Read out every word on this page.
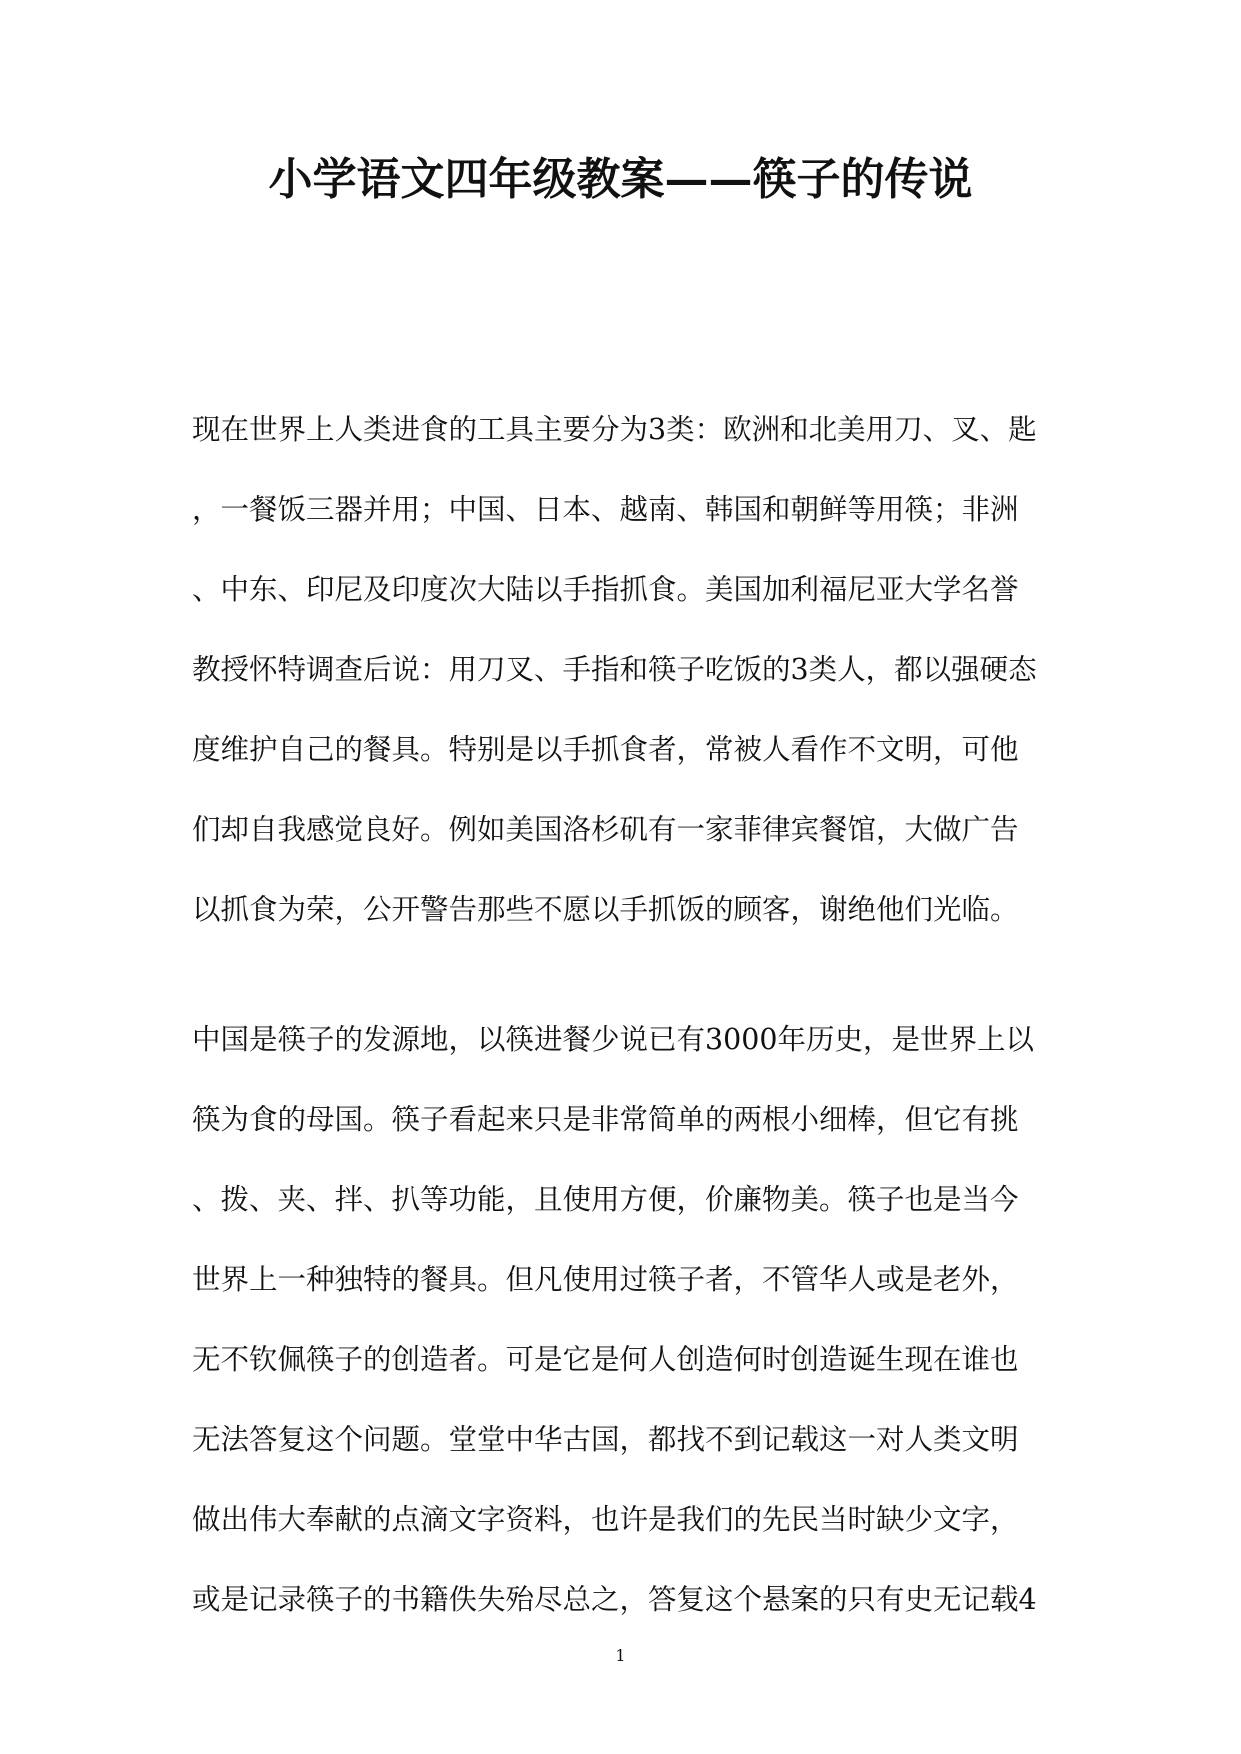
小学语文四年级教案——筷子的传说
现在世界上人类进食的工具主要分为3类：欧洲和北美用刀、叉、匙
，一餐饭三器并用；中国、日本、越南、韩国和朝鲜等用筷；非洲
、中东、印尼及印度次大陆以手指抓食。美国加利福尼亚大学名誉
教授怀特调查后说：用刀叉、手指和筷子吃饭的3类人，都以强硬态
度维护自己的餐具。特别是以手抓食者，常被人看作不文明，可他
们却自我感觉良好。例如美国洛杉矶有一家菲律宾餐馆，大做广告
以抓食为荣，公开警告那些不愿以手抓饭的顾客，谢绝他们光临。
中国是筷子的发源地，以筷进餐少说已有3000年历史，是世界上以
筷为食的母国。筷子看起来只是非常简单的两根小细棒，但它有挑
、拨、夹、拌、扒等功能，且使用方便，价廉物美。筷子也是当今
世界上一种独特的餐具。但凡使用过筷子者，不管华人或是老外，
无不钦佩筷子的创造者。可是它是何人创造何时创造诞生现在谁也
无法答复这个问题。堂堂中华古国，都找不到记载这一对人类文明
做出伟大奉献的点滴文字资料，也许是我们的先民当时缺少文字，
或是记录筷子的书籍佚失殆尽总之，答复这个悬案的只有史无记载4
1
